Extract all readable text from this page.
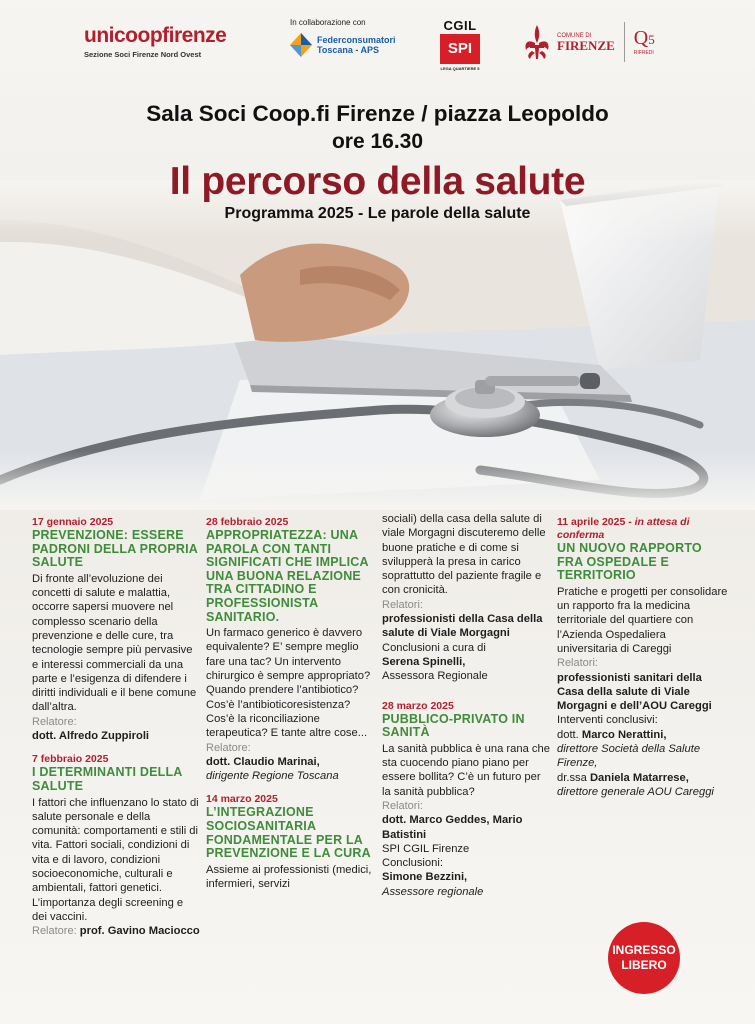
unicoopfirenze
Sezione Soci Firenze Nord Ovest
In collaborazione con
Federconsumatori
Toscana - APS
CGIL
SPI
LEGA QUARTIERE 5
COMUNE DI
FIRENZE Q5
RIFREDI
Sala Soci Coop.fi Firenze / piazza Leopoldo
ore 16.30
Il percorso della salute
Programma 2025 - Le parole della salute
17 gennaio 2025
PREVENZIONE: ESSERE PADRONI DELLA PROPRIA SALUTE
Di fronte all’evoluzione dei concetti di salute e malattia, occorre sapersi muovere nel complesso scenario della prevenzione e delle cure, tra tecnologie sempre più pervasive e interessi commerciali da una parte e l’esigenza di difendere i diritti individuali e il bene comune dall’altra.
Relatore:
dott. Alfredo Zuppiroli
7 febbraio 2025
I DETERMINANTI DELLA SALUTE
I fattori che influenzano lo stato di salute personale e della comunità: comportamenti e stili di vita. Fattori sociali, condizioni di vita e di lavoro, condizioni socioeconomiche, culturali e ambientali, fattori genetici. L’importanza degli screening e dei vaccini.
Relatore: prof. Gavino Maciocco
28 febbraio 2025
APPROPRIATEZZA: UNA PAROLA CON TANTI SIGNIFICATI CHE IMPLICA UNA BUONA RELAZIONE TRA CITTADINO E PROFESSIONISTA SANITARIO.
Un farmaco generico è davvero equivalente? E’ sempre meglio fare una tac? Un intervento chirurgico è sempre appropriato? Quando prendere l’antibiotico? Cos’è l’antibioticoresistenza? Cos’è la riconciliazione terapeutica? E tante altre cose...
Relatore:
dott. Claudio Marinai,
dirigente Regione Toscana
14 marzo 2025
L’INTEGRAZIONE SOCIOSANITARIA FONDAMENTALE PER LA PREVENZIONE E LA CURA
Assieme ai professionisti (medici, infermieri, servizi
sociali) della casa della salute di viale Morgagni discuteremo delle buone pratiche e di come si svilupperà la presa in carico soprattutto del paziente fragile e con cronicità.
Relatori:
professionisti della Casa della salute di Viale Morgagni
Conclusioni a cura di
Serena Spinelli,
Assessora Regionale
28 marzo 2025
PUBBLICO-PRIVATO IN SANITÀ
La sanità pubblica è una rana che sta cuocendo piano piano per essere bollita? C’è un futuro per la sanità pubblica?
Relatori:
dott. Marco Geddes, Mario Batistini
SPI CGIL Firenze
Conclusioni:
Simone Bezzini,
Assessore regionale
11 aprile 2025 - in attesa di conferma
UN NUOVO RAPPORTO FRA OSPEDALE E TERRITORIO
Pratiche e progetti per consolidare un rapporto fra la medicina territoriale del quartiere con l’Azienda Ospedaliera universitaria di Careggi
Relatori:
professionisti sanitari della Casa della salute di Viale Morgagni e dell’AOU Careggi
Interventi conclusivi:
dott. Marco Nerattini,
direttore Società della Salute Firenze,
dr.ssa Daniela Matarrese,
direttore generale AOU Careggi
INGRESSO
LIBERO
